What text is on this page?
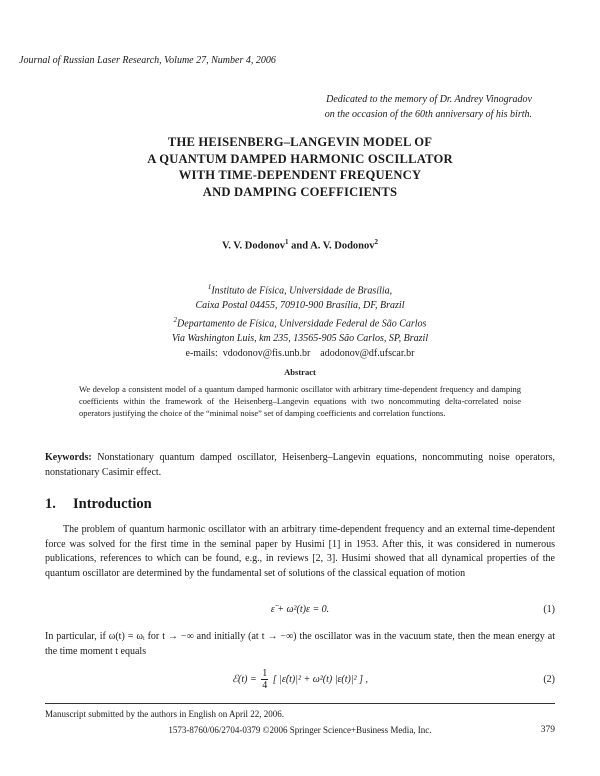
Journal of Russian Laser Research, Volume 27, Number 4, 2006
Dedicated to the memory of Dr. Andrey Vinogradov
on the occasion of the 60th anniversary of his birth.
THE HEISENBERG–LANGEVIN MODEL OF
A QUANTUM DAMPED HARMONIC OSCILLATOR
WITH TIME-DEPENDENT FREQUENCY
AND DAMPING COEFFICIENTS
V. V. Dodonov$^1$ and A. V. Dodonov$^2$
$^1$Instituto de Física, Universidade de Brasília,
Caixa Postal 04455, 70910-900 Brasília, DF, Brazil
$^2$Departamento de Física, Universidade Federal de São Carlos
Via Washington Luis, km 235, 13565-905 São Carlos, SP, Brazil
e-mails: vdodonov@fis.unb.br adodonov@df.ufscar.br
Abstract
We develop a consistent model of a quantum damped harmonic oscillator with arbitrary time-dependent frequency and damping coefficients within the framework of the Heisenberg–Langevin equations with two noncommuting delta-correlated noise operators justifying the choice of the “minimal noise” set of damping coefficients and correlation functions.
Keywords: Nonstationary quantum damped oscillator, Heisenberg–Langevin equations, noncommuting noise operators, nonstationary Casimir effect.
1. Introduction
The problem of quantum harmonic oscillator with an arbitrary time-dependent frequency and an external time-dependent force was solved for the first time in the seminal paper by Husimi [1] in 1953. After this, it was considered in numerous publications, references to which can be found, e.g., in reviews [2, 3]. Husimi showed that all dynamical properties of the quantum oscillator are determined by the fundamental set of solutions of the classical equation of motion
ε̈ + ω²(t)ε = 0.	(1)
In particular, if ω(t) = ωᵢ for t → −∞ and initially (at t → −∞) the oscillator was in the vacuum state, then the mean energy at the time moment t equals
ℰ(t) = $\frac{1}{4}$ [ |ε̇(t)|² + ω²(t) |ε(t)|² ] ,	(2)
Manuscript submitted by the authors in English on April 22, 2006.
1573-8760/06/2704-0379 ©2006 Springer Science+Business Media, Inc.	379
